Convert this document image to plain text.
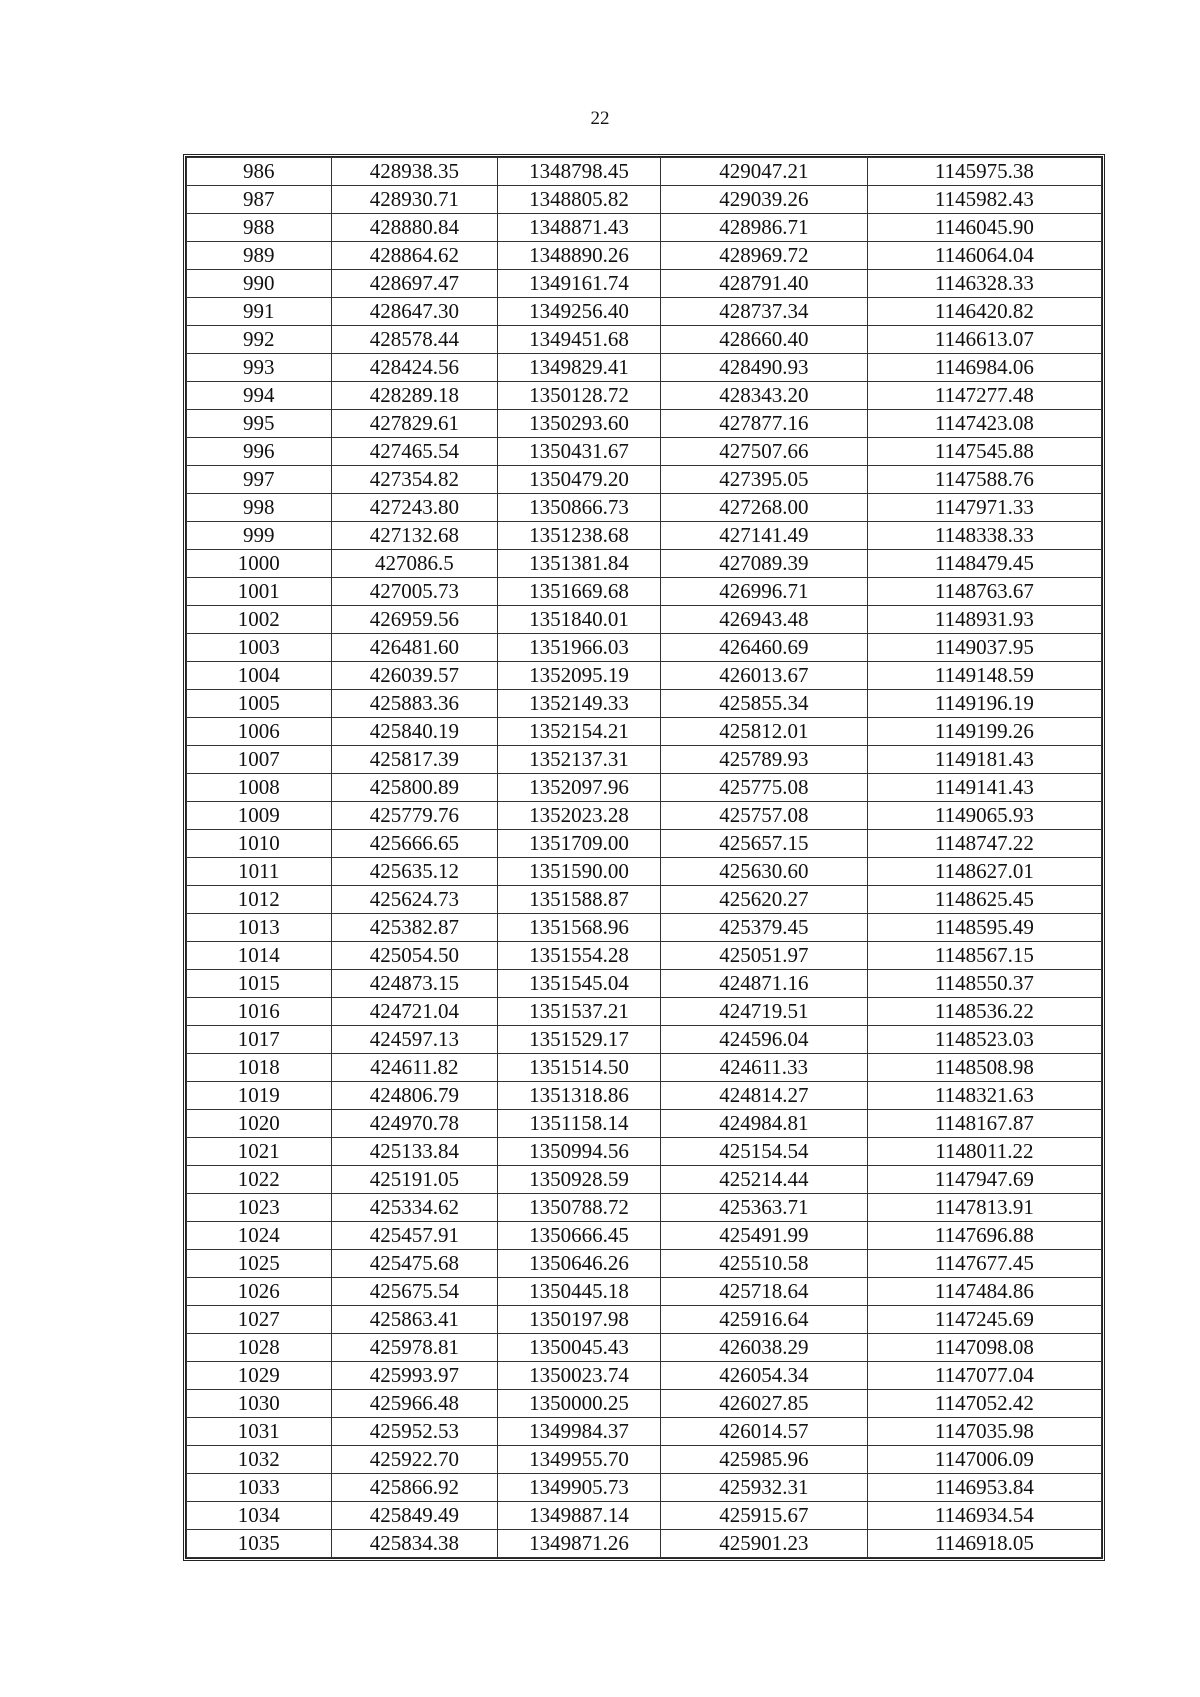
22
986	428938.35	1348798.45	429047.21	1145975.38
987	428930.71	1348805.82	429039.26	1145982.43
988	428880.84	1348871.43	428986.71	1146045.90
989	428864.62	1348890.26	428969.72	1146064.04
990	428697.47	1349161.74	428791.40	1146328.33
991	428647.30	1349256.40	428737.34	1146420.82
992	428578.44	1349451.68	428660.40	1146613.07
993	428424.56	1349829.41	428490.93	1146984.06
994	428289.18	1350128.72	428343.20	1147277.48
995	427829.61	1350293.60	427877.16	1147423.08
996	427465.54	1350431.67	427507.66	1147545.88
997	427354.82	1350479.20	427395.05	1147588.76
998	427243.80	1350866.73	427268.00	1147971.33
999	427132.68	1351238.68	427141.49	1148338.33
1000	427086.5	1351381.84	427089.39	1148479.45
1001	427005.73	1351669.68	426996.71	1148763.67
1002	426959.56	1351840.01	426943.48	1148931.93
1003	426481.60	1351966.03	426460.69	1149037.95
1004	426039.57	1352095.19	426013.67	1149148.59
1005	425883.36	1352149.33	425855.34	1149196.19
1006	425840.19	1352154.21	425812.01	1149199.26
1007	425817.39	1352137.31	425789.93	1149181.43
1008	425800.89	1352097.96	425775.08	1149141.43
1009	425779.76	1352023.28	425757.08	1149065.93
1010	425666.65	1351709.00	425657.15	1148747.22
1011	425635.12	1351590.00	425630.60	1148627.01
1012	425624.73	1351588.87	425620.27	1148625.45
1013	425382.87	1351568.96	425379.45	1148595.49
1014	425054.50	1351554.28	425051.97	1148567.15
1015	424873.15	1351545.04	424871.16	1148550.37
1016	424721.04	1351537.21	424719.51	1148536.22
1017	424597.13	1351529.17	424596.04	1148523.03
1018	424611.82	1351514.50	424611.33	1148508.98
1019	424806.79	1351318.86	424814.27	1148321.63
1020	424970.78	1351158.14	424984.81	1148167.87
1021	425133.84	1350994.56	425154.54	1148011.22
1022	425191.05	1350928.59	425214.44	1147947.69
1023	425334.62	1350788.72	425363.71	1147813.91
1024	425457.91	1350666.45	425491.99	1147696.88
1025	425475.68	1350646.26	425510.58	1147677.45
1026	425675.54	1350445.18	425718.64	1147484.86
1027	425863.41	1350197.98	425916.64	1147245.69
1028	425978.81	1350045.43	426038.29	1147098.08
1029	425993.97	1350023.74	426054.34	1147077.04
1030	425966.48	1350000.25	426027.85	1147052.42
1031	425952.53	1349984.37	426014.57	1147035.98
1032	425922.70	1349955.70	425985.96	1147006.09
1033	425866.92	1349905.73	425932.31	1146953.84
1034	425849.49	1349887.14	425915.67	1146934.54
1035	425834.38	1349871.26	425901.23	1146918.05
